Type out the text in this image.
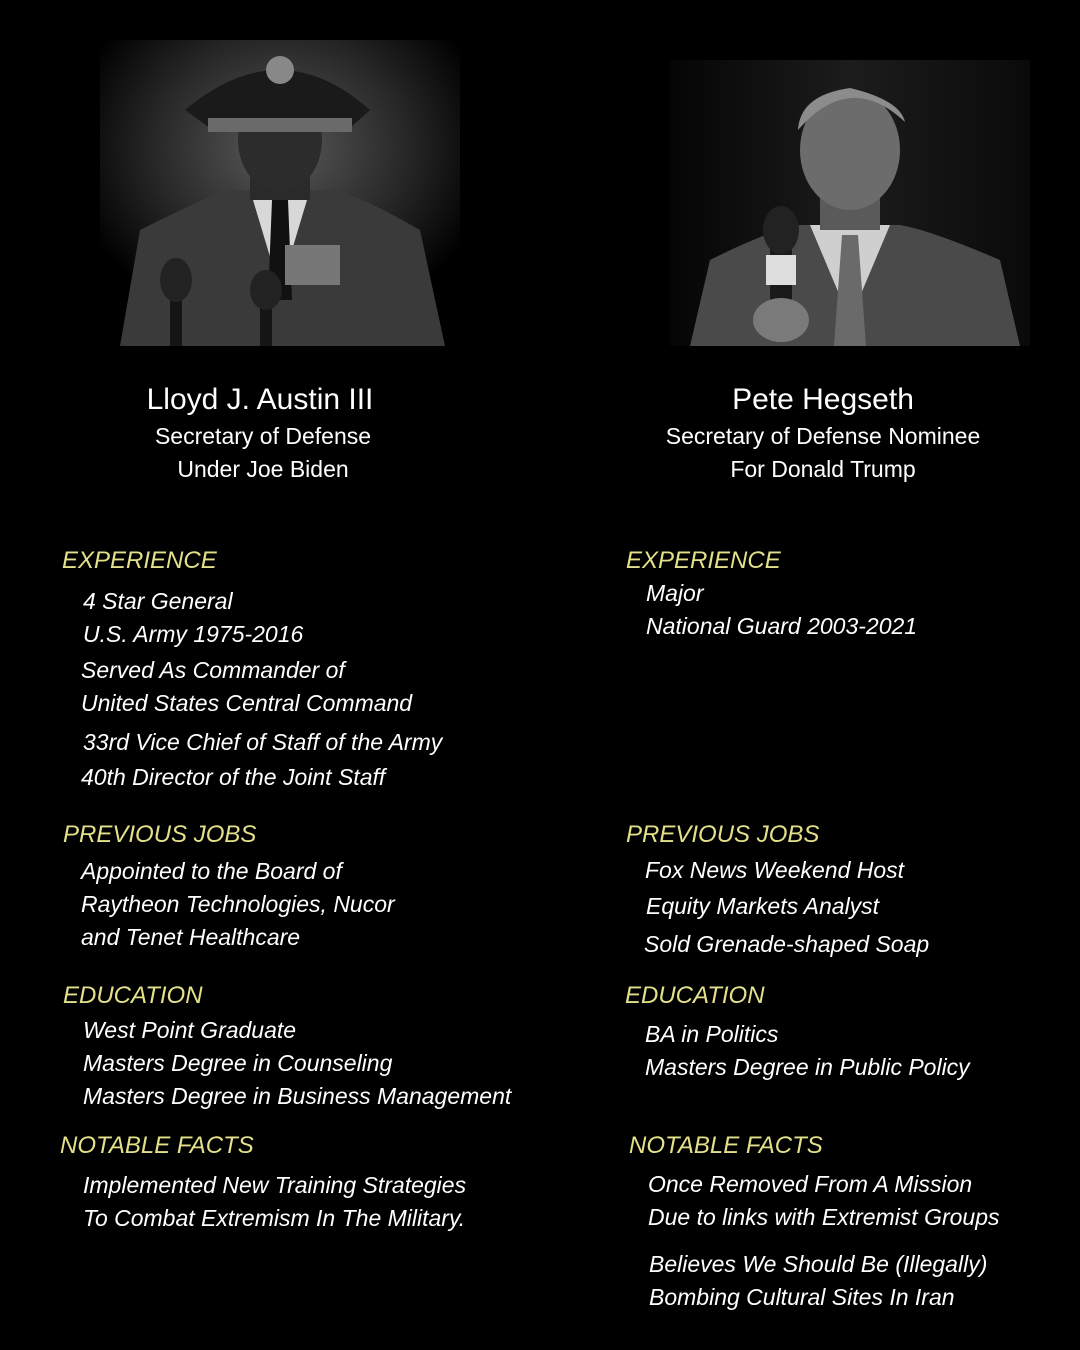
Lloyd J. Austin III
Secretary of Defense
Under Joe Biden
EXPERIENCE
4 Star General
U.S. Army 1975-2016
Served As Commander of
United States Central Command
33rd Vice Chief of Staff of the Army
40th Director of the Joint Staff
PREVIOUS JOBS
Appointed to the Board of
Raytheon Technologies, Nucor
and Tenet Healthcare
EDUCATION
West Point Graduate
Masters Degree in Counseling
Masters Degree in Business Management
NOTABLE FACTS
Implemented New Training Strategies
To Combat Extremism In The Military.
Pete Hegseth
Secretary of Defense Nominee
For Donald Trump
EXPERIENCE
Major
National Guard 2003-2021
PREVIOUS JOBS
Fox News Weekend Host
Equity Markets Analyst
Sold Grenade-shaped Soap
EDUCATION
BA in Politics
Masters Degree in Public Policy
NOTABLE FACTS
Once Removed From A Mission
Due to links with Extremist Groups
Believes We Should Be (Illegally)
Bombing Cultural Sites In Iran
